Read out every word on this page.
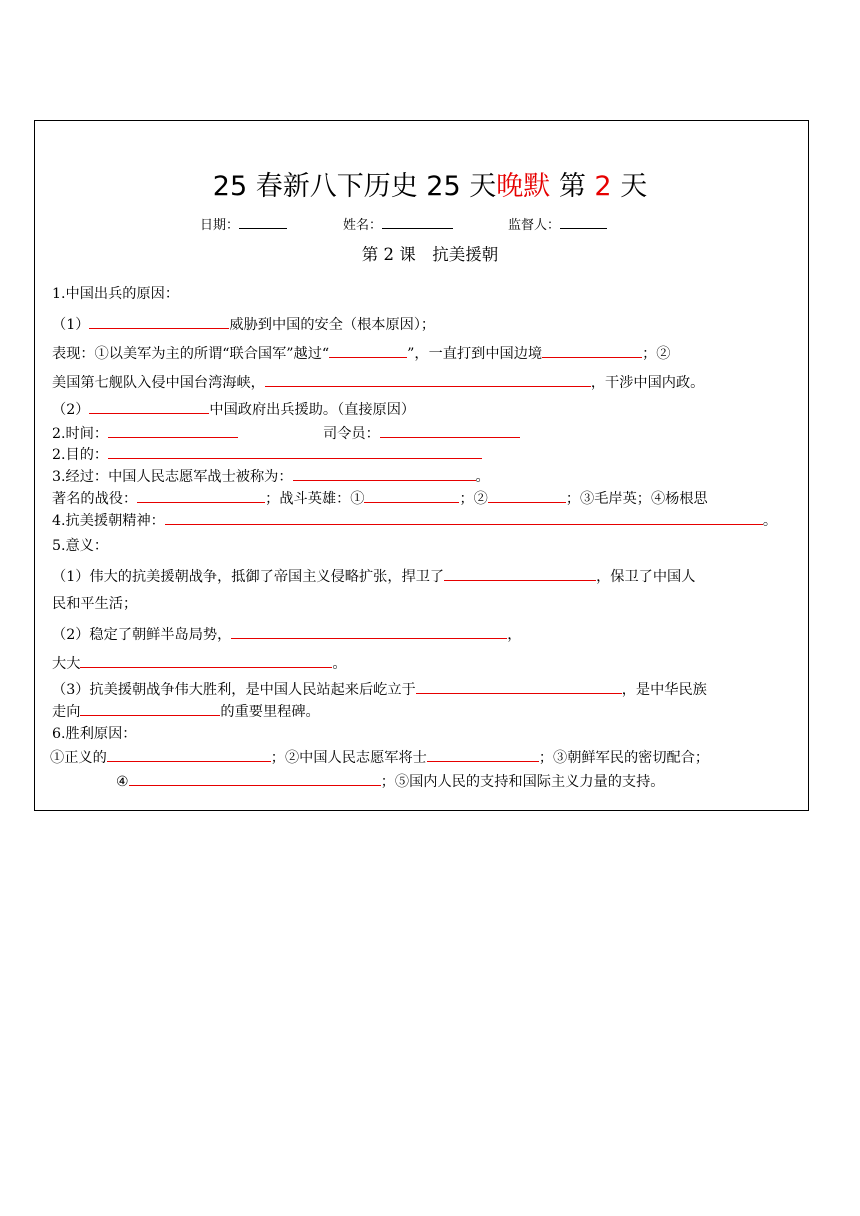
25 春新八下历史 25 天晚默 第 2 天
日期：	姓名：	监督人：
第 2 课　抗美援朝
1.中国出兵的原因：
（1）	威胁到中国的安全（根本原因）；
表现：①以美军为主的所谓“联合国军”越过“	”，一直打到中国边境	；②
美国第七舰队入侵中国台湾海峡，	，干涉中国内政。
（2）	中国政府出兵援助。（直接原因）
2.时间：	司令员：
2.目的：
3.经过：中国人民志愿军战士被称为：	。
著名的战役：	；战斗英雄：①	；②	；③毛岸英；④杨根思
4.抗美援朝精神：	。
5.意义：
（1）伟大的抗美援朝战争，抵御了帝国主义侵略扩张，捍卫了	，保卫了中国人
民和平生活；
（2）稳定了朝鲜半岛局势，	，
大大	。
（3）抗美援朝战争伟大胜利，是中国人民站起来后屹立于	，是中华民族
走向	的重要里程碑。
6.胜利原因：
①正义的	；②中国人民志愿军将士	；③朝鲜军民的密切配合；
④	；⑤国内人民的支持和国际主义力量的支持。
